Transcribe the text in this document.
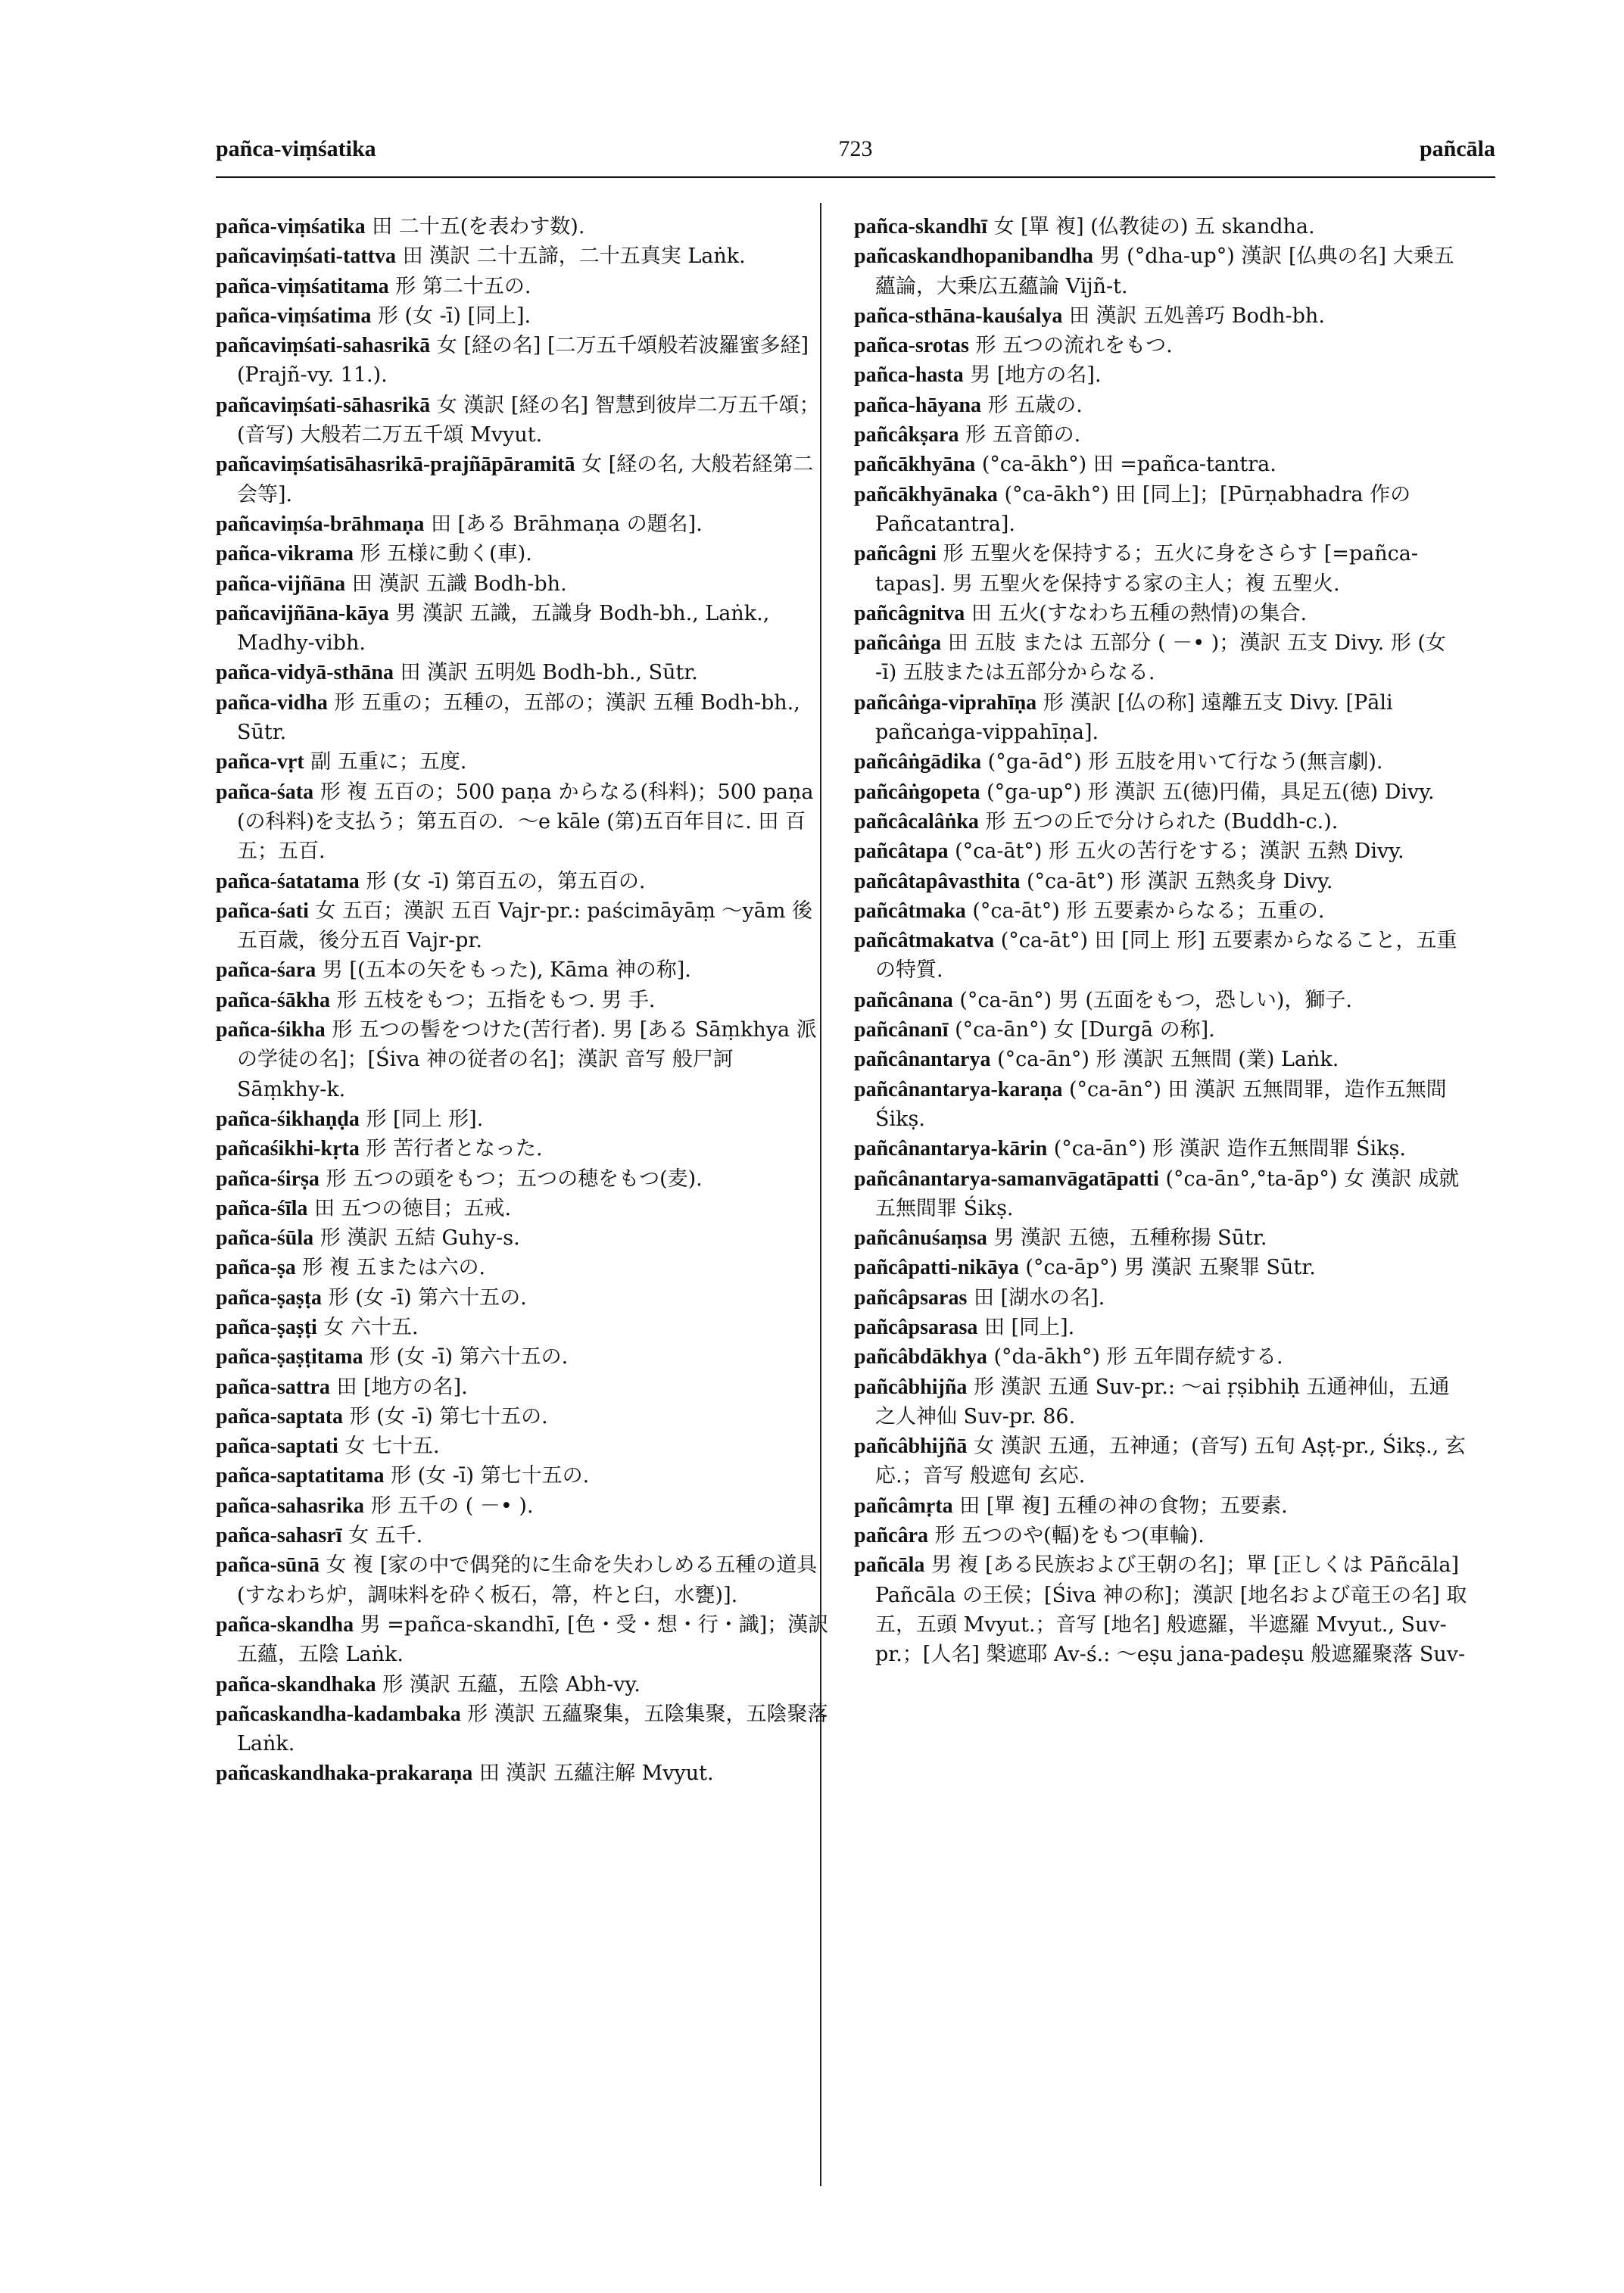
pañca-viṃśatika	723	pañcāla

pañca-viṃśatika 田 二十五(を表わす数).

pañcaviṃśati-tattva 田 漢訳 二十五諦，二十五真実 Laṅk.

pañca-viṃśatitama 形 第二十五の.

pañca-viṃśatima 形 (女 -ī) [同上].

pañcaviṃśati-sahasrikā 女 [経の名] [二万五千頌般若波羅蜜多経] (Prajñ-vy. 11.).

pañcaviṃśati-sāhasrikā 女 漢訳 [経の名] 智慧到彼岸二万五千頌；(音写) 大般若二万五千頌 Mvyut.

pañcaviṃśatisāhasrikā-prajñāpāramitā 女 [経の名, 大般若経第二会等].

pañcaviṃśa-brāhmaṇa 田 [ある Brāhmaṇa の題名].

pañca-vikrama 形 五様に動く(車).

pañca-vijñāna 田 漢訳 五識 Bodh-bh.

pañcavijñāna-kāya 男 漢訳 五識，五識身 Bodh-bh., Laṅk., Madhy-vibh.

pañca-vidyā-sthāna 田 漢訳 五明処 Bodh-bh., Sūtr.

pañca-vidha 形 五重の；五種の，五部の；漢訳 五種 Bodh-bh., Sūtr.

pañca-vṛt 副 五重に；五度.

pañca-śata 形 複 五百の；500 paṇa からなる(科料)；500 paṇa (の科料)を支払う；第五百の．～e kāle (第)五百年目に. 田 百五；五百.

pañca-śatatama 形 (女 -ī) 第百五の，第五百の.

pañca-śati 女 五百；漢訳 五百 Vajr-pr.: paścimāyāṃ ～yām 後五百歳，後分五百 Vajr-pr.

pañca-śara 男 [(五本の矢をもった), Kāma 神の称].

pañca-śākha 形 五枝をもつ；五指をもつ. 男 手.

pañca-śikha 形 五つの髻をつけた(苦行者). 男 [ある Sāṃkhya 派の学徒の名]；[Śiva 神の従者の名]；漢訳 音写 般尸訶 Sāṃkhy-k.

pañca-śikhaṇḍa 形 [同上 形].

pañcaśikhi-kṛta 形 苦行者となった.

pañca-śirṣa 形 五つの頭をもつ；五つの穂をもつ(麦).

pañca-śīla 田 五つの徳目；五戒.

pañca-śūla 形 漢訳 五結 Guhy-s.

pañca-ṣa 形 複 五または六の.

pañca-ṣaṣṭa 形 (女 -ī) 第六十五の.

pañca-ṣaṣṭi 女 六十五.

pañca-ṣaṣṭitama 形 (女 -ī) 第六十五の.

pañca-sattra 田 [地方の名].

pañca-saptata 形 (女 -ī) 第七十五の.

pañca-saptati 女 七十五.

pañca-saptatitama 形 (女 -ī) 第七十五の.

pañca-sahasrika 形 五千の ( －• ).

pañca-sahasrī 女 五千.

pañca-sūnā 女 複 [家の中で偶発的に生命を失わしめる五種の道具(すなわち炉，調味料を砕く板石，箒，杵と臼，水甕)].

pañca-skandha 男 =pañca-skandhī, [色・受・想・行・識]；漢訳 五蘊，五陰 Laṅk.

pañca-skandhaka 形 漢訳 五蘊，五陰 Abh-vy.

pañcaskandha-kadambaka 形 漢訳 五蘊聚集，五陰集聚，五陰聚落 Laṅk.

pañcaskandhaka-prakaraṇa 田 漢訳 五蘊注解 Mvyut.

pañca-skandhī 女 [單 複] (仏教徒の) 五 skandha.

pañcaskandhopanibandha 男 (°dha-up°) 漢訳 [仏典の名] 大乗五蘊論，大乗広五蘊論 Vijñ-t.

pañca-sthāna-kauśalya 田 漢訳 五処善巧 Bodh-bh.

pañca-srotas 形 五つの流れをもつ.

pañca-hasta 男 [地方の名].

pañca-hāyana 形 五歳の.

pañcâkṣara 形 五音節の.

pañcākhyāna (°ca-ākh°) 田 =pañca-tantra.

pañcākhyānaka (°ca-ākh°) 田 [同上]；[Pūrṇabhadra 作の Pañcatantra].

pañcâgni 形 五聖火を保持する；五火に身をさらす [=pañca-tapas]. 男 五聖火を保持する家の主人；複 五聖火.

pañcâgnitva 田 五火(すなわち五種の熱情)の集合.

pañcâṅga 田 五肢 または 五部分 ( －• )；漢訳 五支 Divy. 形 (女 -ī) 五肢または五部分からなる.

pañcâṅga-viprahīṇa 形 漢訳 [仏の称] 遠離五支 Divy. [Pāli pañcaṅga-vippahīṇa].

pañcâṅgādika (°ga-ād°) 形 五肢を用いて行なう(無言劇).

pañcâṅgopeta (°ga-up°) 形 漢訳 五(徳)円備，具足五(徳) Divy.

pañcâcalâṅka 形 五つの丘で分けられた (Buddh-c.).

pañcâtapa (°ca-āt°) 形 五火の苦行をする；漢訳 五熱 Divy.

pañcâtapâvasthita (°ca-āt°) 形 漢訳 五熱炙身 Divy.

pañcâtmaka (°ca-āt°) 形 五要素からなる；五重の.

pañcâtmakatva (°ca-āt°) 田 [同上 形] 五要素からなること，五重の特質.

pañcânana (°ca-ān°) 男 (五面をもつ，恐しい)，獅子.

pañcânanī (°ca-ān°) 女 [Durgā の称].

pañcânantarya (°ca-ān°) 形 漢訳 五無間 (業) Laṅk.

pañcânantarya-karaṇa (°ca-ān°) 田 漢訳 五無間罪，造作五無間 Śikṣ.

pañcânantarya-kārin (°ca-ān°) 形 漢訳 造作五無間罪 Śikṣ.

pañcânantarya-samanvāgatāpatti (°ca-ān°,°ta-āp°) 女 漢訳 成就五無間罪 Śikṣ.

pañcânuśaṃsa 男 漢訳 五徳，五種称揚 Sūtr.

pañcâpatti-nikāya (°ca-āp°) 男 漢訳 五聚罪 Sūtr.

pañcâpsaras 田 [湖水の名].

pañcâpsarasa 田 [同上].

pañcâbdākhya (°da-ākh°) 形 五年間存続する.

pañcâbhijña 形 漢訳 五通 Suv-pr.: ～ai ṛṣibhiḥ 五通神仙，五通之人神仙 Suv-pr. 86.

pañcâbhijñā 女 漢訳 五通，五神通；(音写) 五旬 Aṣṭ-pr., Śikṣ., 玄応.；音写 般遮旬 玄応.

pañcâmṛta 田 [單 複] 五種の神の食物；五要素.

pañcâra 形 五つのや(輻)をもつ(車輪).

pañcāla 男 複 [ある民族および王朝の名]；單 [正しくは Pāñcāla] Pañcāla の王侯；[Śiva 神の称]；漢訳 [地名および竜王の名] 取五，五頭 Mvyut.；音写 [地名] 般遮羅，半遮羅 Mvyut., Suv-pr.；[人名] 槃遮耶 Av-ś.: ～eṣu jana-padeṣu 般遮羅聚落 Suv-
